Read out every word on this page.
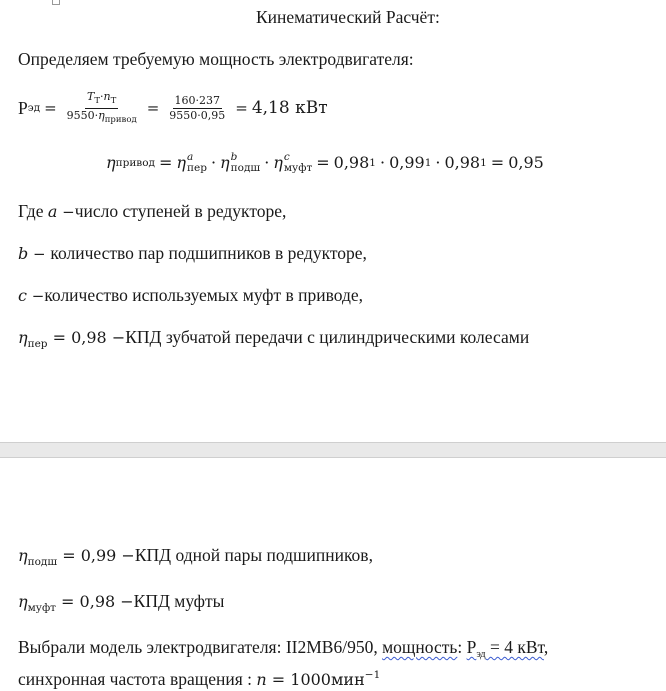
Кинематический Расчёт:
Определяем требуемую мощность электродвигателя:
Р эд = $\frac{T_Т\cdot n_Т}{9550\cdot\eta_{привод}} = \frac{160\cdot 237}{9550\cdot 0,95} = 4,18$ кВт
η привод = η a
пер · η b
подш · η c
муфт = 0,98 1 · 0,99 1 · 0,98 1 = 0,95
Где a −число ступеней в редукторе,
b − количество пар подшипников в редукторе,
c −количество используемых муфт в приводе,
$\eta_{пер} = 0,98 -КПД$ зубчатой передачи с цилиндрическими колесами
$\eta_{подш} = 0,99 -КПД$ одной пары подшипников,
$\eta_{муфт} = 0,98 -КПД$ муфты
Выбрали модель электродвигателя: II2MB6/950, мощность: $Р_{эд} = 4$ кВт,
синхронная частота вращения : n = 1000мин$^{-1}$
